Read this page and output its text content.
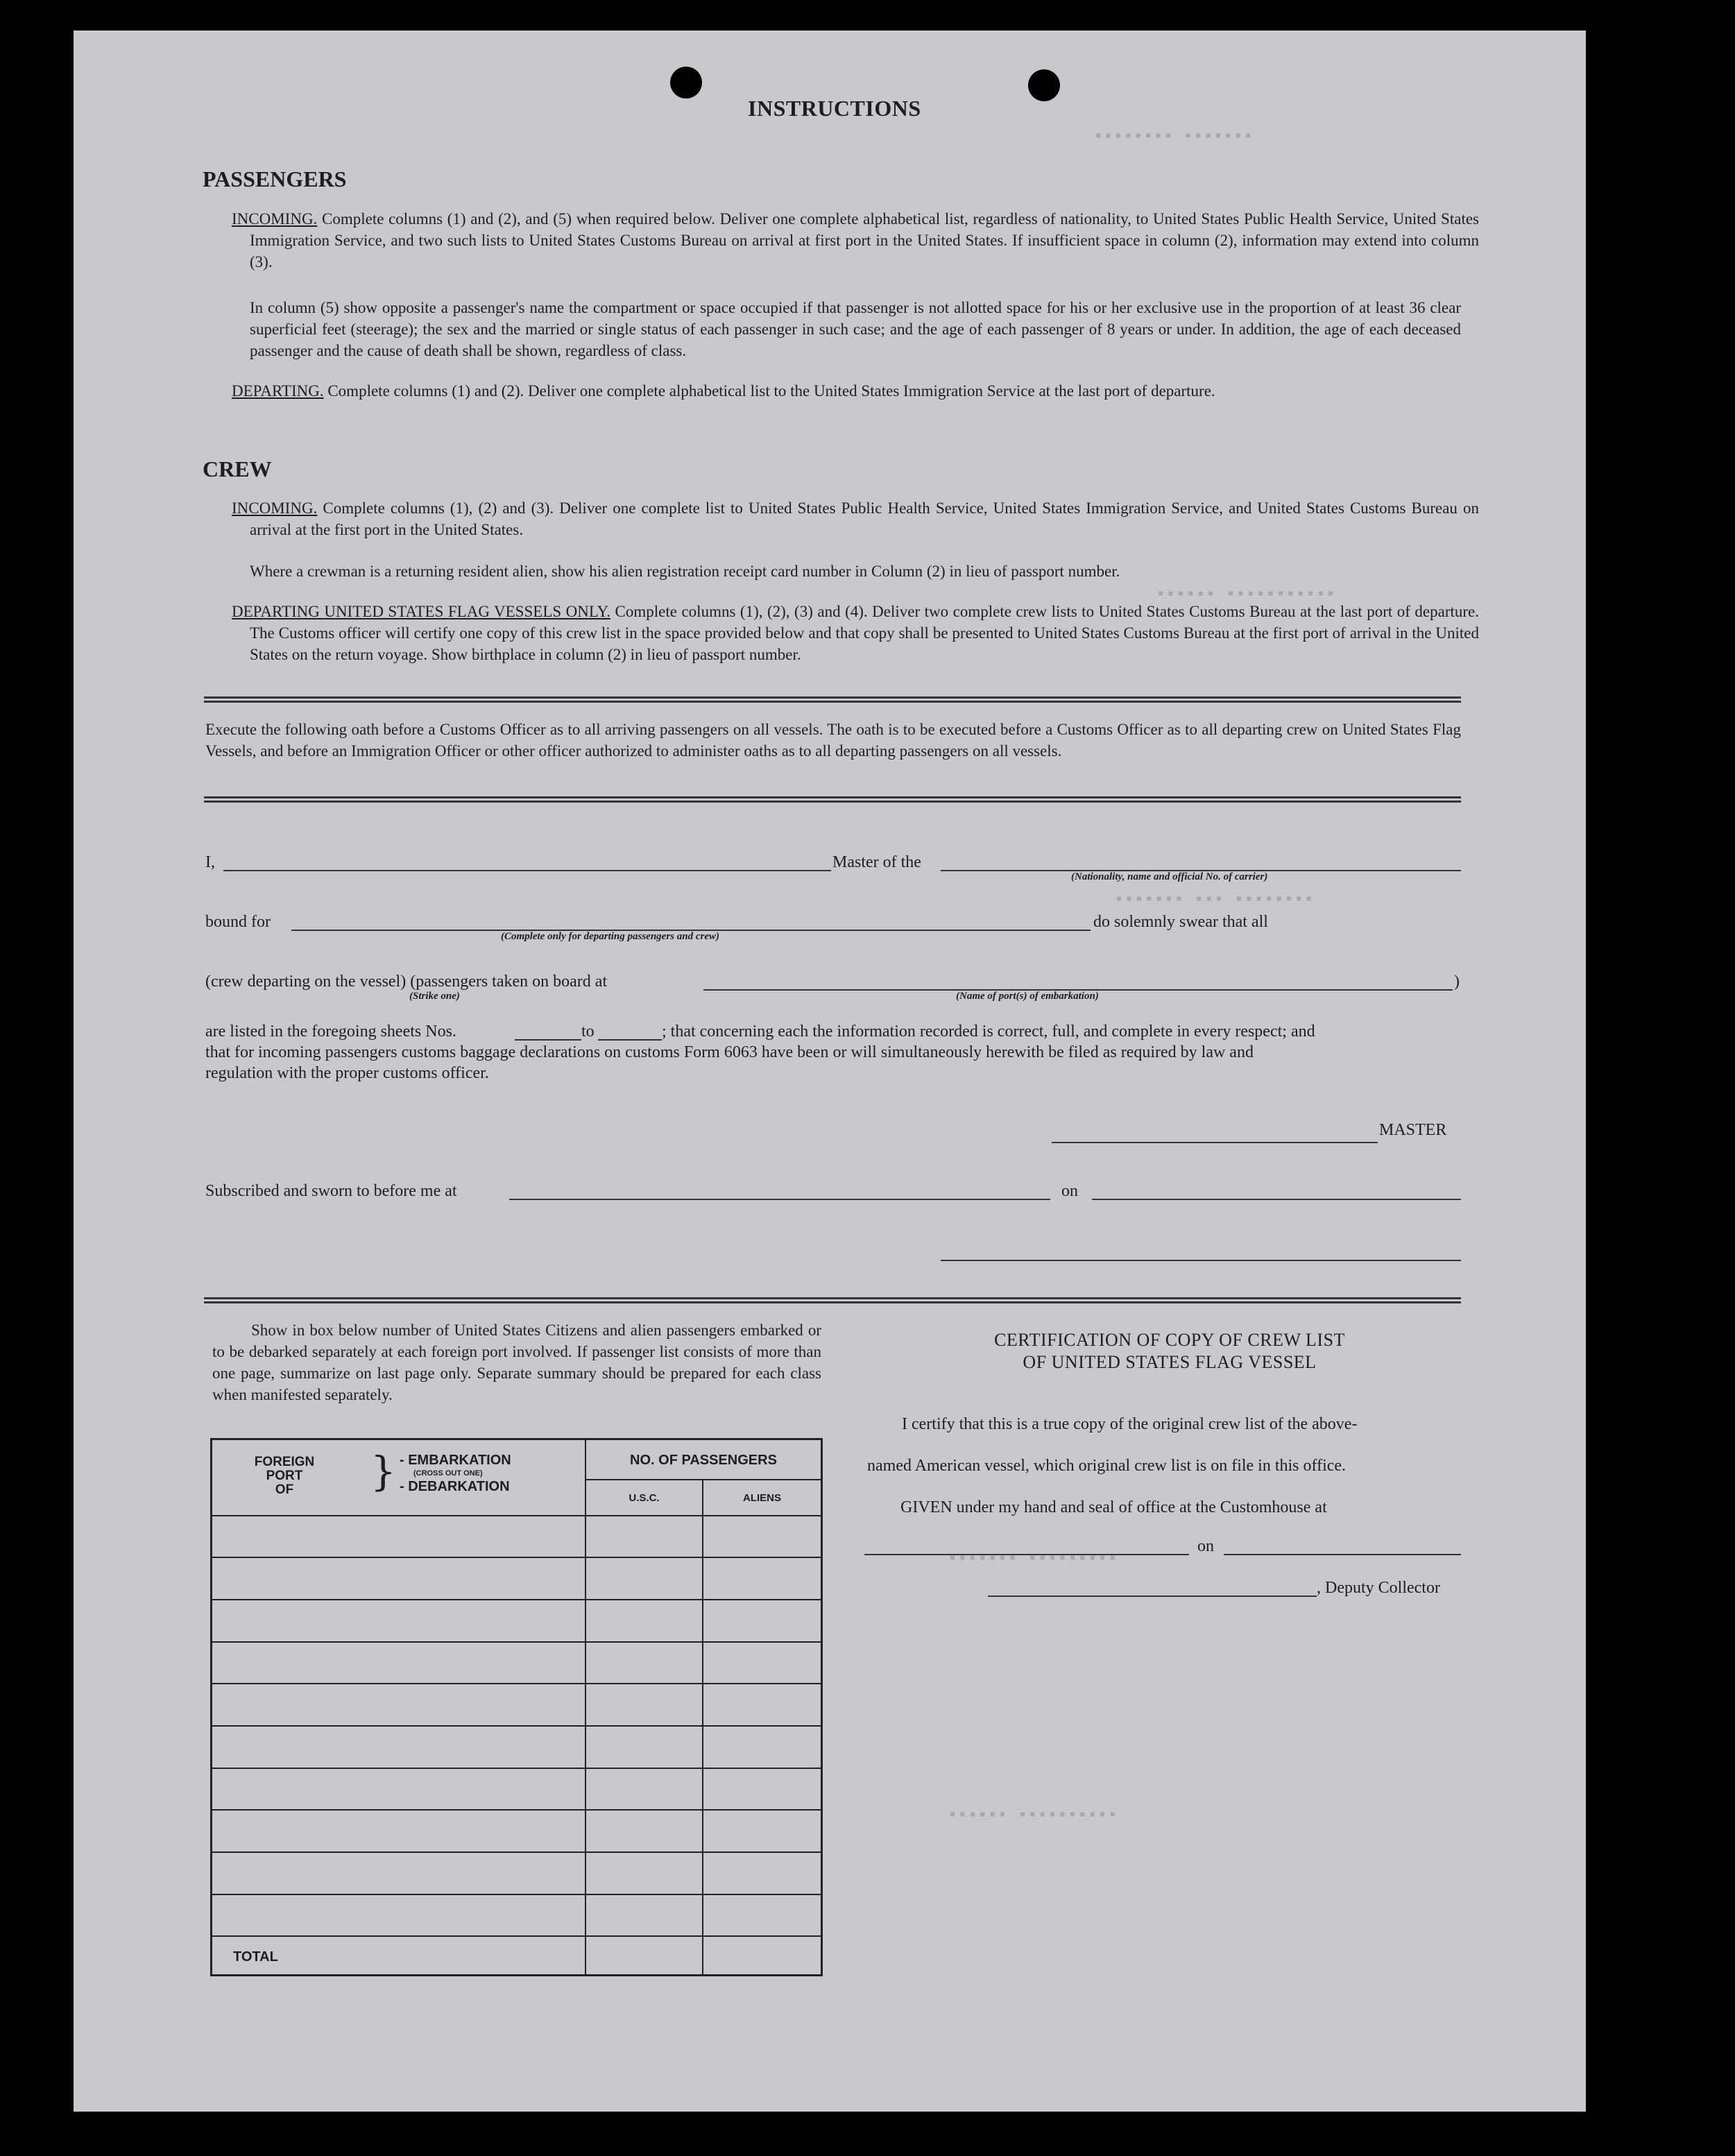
▪▪▪▪▪▪▪▪ ▪▪▪▪▪▪▪
▪▪▪▪▪▪ ▪▪▪▪▪▪▪▪▪▪▪
▪▪▪▪▪▪▪ ▪▪▪ ▪▪▪▪▪▪▪▪
▪▪▪▪▪▪▪ ▪▪▪▪▪▪▪▪▪
▪▪▪▪▪▪ ▪▪▪▪▪▪▪▪▪▪
INSTRUCTIONS
PASSENGERS
INCOMING. Complete columns (1) and (2), and (5) when required below. Deliver one complete alphabetical list, regardless of nationality, to United States Public Health Service, United States Immigration Service, and two such lists to United States Customs Bureau on arrival at first port in the United States. If insufficient space in column (2), information may extend into column (3).
In column (5) show opposite a passenger's name the compartment or space occupied if that passenger is not allotted space for his or her exclusive use in the proportion of at least 36 clear superficial feet (steerage); the sex and the married or single status of each passenger in such case; and the age of each passenger of 8 years or under. In addition, the age of each deceased passenger and the cause of death shall be shown, regardless of class.
DEPARTING. Complete columns (1) and (2). Deliver one complete alphabetical list to the United States Immigration Service at the last port of departure.
CREW
INCOMING. Complete columns (1), (2) and (3). Deliver one complete list to United States Public Health Service, United States Immigration Service, and United States Customs Bureau on arrival at the first port in the United States.
Where a crewman is a returning resident alien, show his alien registration receipt card number in Column (2) in lieu of passport number.
DEPARTING UNITED STATES FLAG VESSELS ONLY. Complete columns (1), (2), (3) and (4). Deliver two complete crew lists to United States Customs Bureau at the last port of departure. The Customs officer will certify one copy of this crew list in the space provided below and that copy shall be presented to United States Customs Bureau at the first port of arrival in the United States on the return voyage. Show birthplace in column (2) in lieu of passport number.
Execute the following oath before a Customs Officer as to all arriving passengers on all vessels. The oath is to be executed before a Customs Officer as to all departing crew on United States Flag Vessels, and before an Immigration Officer or other officer authorized to administer oaths as to all departing passengers on all vessels.
I,	Master of the
(Nationality, name and official No. of carrier)
bound for
(Complete only for departing passengers and crew)
do solemnly swear that all
(crew departing on the vessel) (passengers taken on board at	)
(Strike one)	(Name of port(s) of embarkation)
are listed in the foregoing sheets Nos.	to	; that concerning each the information recorded is correct, full, and complete in every respect; and
that for incoming passengers customs baggage declarations on customs Form 6063 have been or will simultaneously herewith be filed as required by law and
regulation with the proper customs officer.
MASTER
Subscribed and sworn to before me at	on
Show in box below number of United States Citizens and alien passengers embarked or to be debarked separately at each foreign port involved. If passenger list consists of more than one page, summarize on last page only. Separate summary should be prepared for each class when manifested separately.
FOREIGN
PORT
OF	} - EMBARKATION
(CROSS OUT ONE)
- DEBARKATION
NO. OF PASSENGERS
U.S.C.	ALIENS
TOTAL
CERTIFICATION OF COPY OF CREW LIST
OF UNITED STATES FLAG VESSEL
I certify that this is a true copy of the original crew list of the above-
named American vessel, which original crew list is on file in this office.
GIVEN under my hand and seal of office at the Customhouse at
on
, Deputy Collector
